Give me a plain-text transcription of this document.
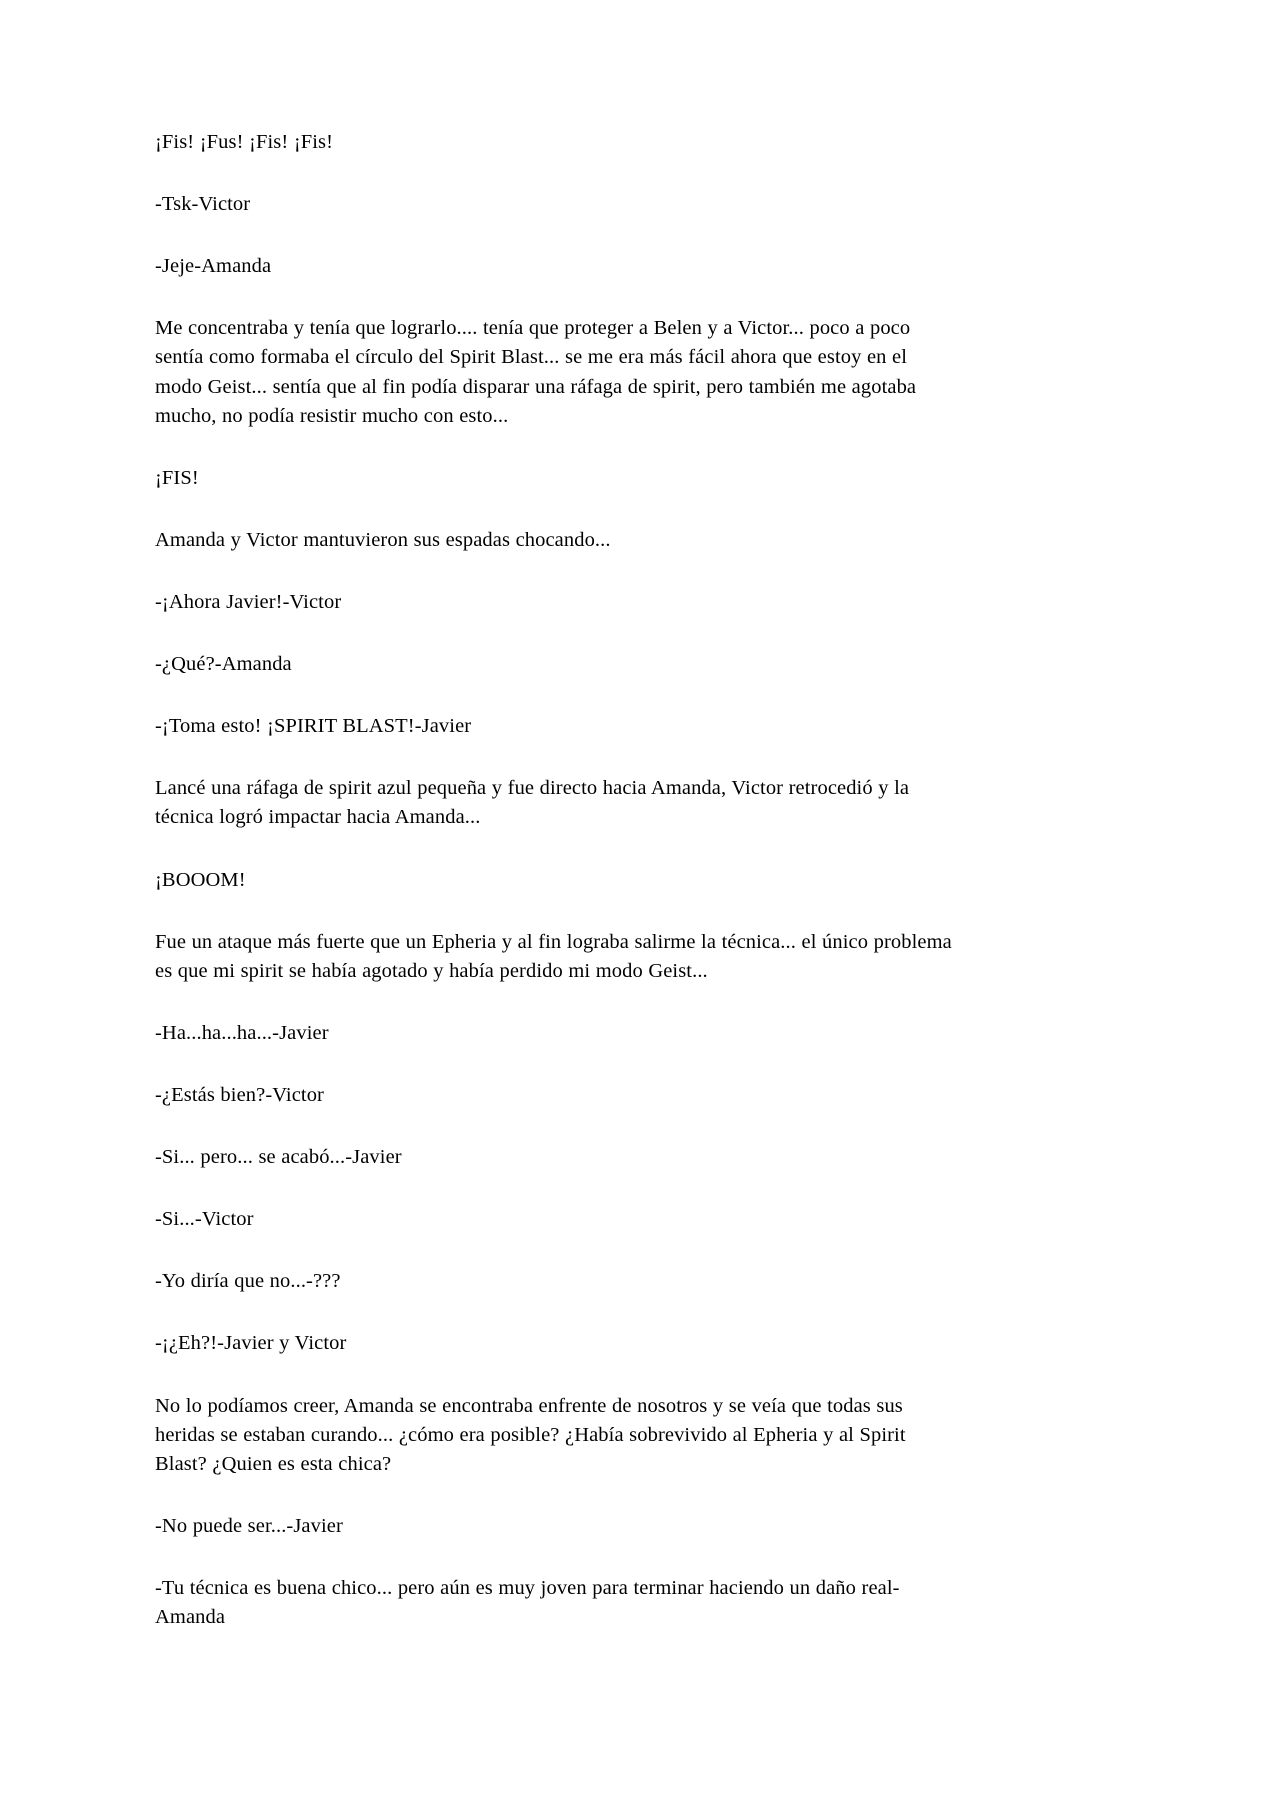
¡Fis! ¡Fus! ¡Fis! ¡Fis!

-Tsk-Victor

-Jeje-Amanda

Me concentraba y tenía que lograrlo.... tenía que proteger a Belen y a Victor... poco a poco sentía como formaba el círculo del Spirit Blast... se me era más fácil ahora que estoy en el modo Geist... sentía que al fin podía disparar una ráfaga de spirit, pero también me agotaba mucho, no podía resistir mucho con esto...

¡FIS!

Amanda y Victor mantuvieron sus espadas chocando...

-¡Ahora Javier!-Victor

-¿Qué?-Amanda

-¡Toma esto! ¡SPIRIT BLAST!-Javier

Lancé una ráfaga de spirit azul pequeña y fue directo hacia Amanda, Victor retrocedió y la técnica logró impactar hacia Amanda...

¡BOOOM!

Fue un ataque más fuerte que un Epheria y al fin lograba salirme la técnica... el único problema es que mi spirit se había agotado y había perdido mi modo Geist...

-Ha...ha...ha...-Javier

-¿Estás bien?-Victor

-Si... pero... se acabó...-Javier

-Si...-Victor

-Yo diría que no...-???

-¡¿Eh?!-Javier y Victor

No lo podíamos creer, Amanda se encontraba enfrente de nosotros y se veía que todas sus heridas se estaban curando... ¿cómo era posible? ¿Había sobrevivido al Epheria y al Spirit Blast? ¿Quien es esta chica?

-No puede ser...-Javier

-Tu técnica es buena chico... pero aún es muy joven para terminar haciendo un daño real-Amanda
